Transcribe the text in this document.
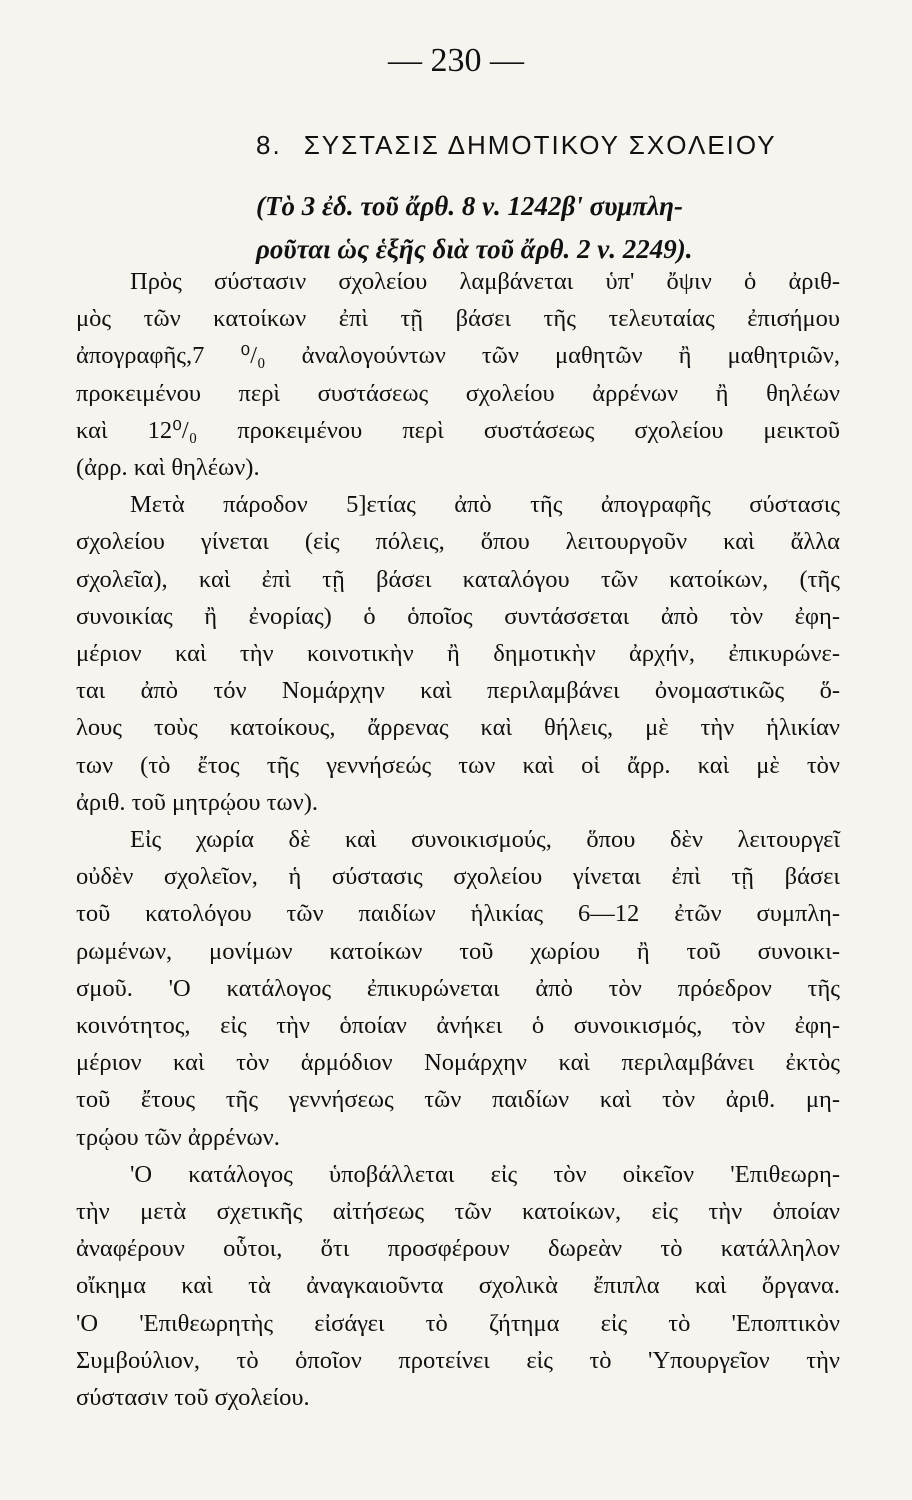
— 230 —
8. ΣΥΣΤΑΣΙΣ ΔΗΜΟΤΙΚΟΥ ΣΧΟΛΕΙΟΥ
(Τὸ 3 ἐδ. τοῦ ἄρθ. 8 ν. 1242β' συμπλη-
ροῦται ὡς ἑξῆς διὰ τοῦ ἄρθ. 2 ν. 2249).
Πρὸς σύστασιν σχολείου λαμβάνεται ὑπ' ὄψιν ὁ ἀριθ-
μὸς τῶν κατοίκων ἐπὶ τῇ βάσει τῆς τελευταίας ἐπισήμου
ἀπογραφῆς,7 ⁰/₀ ἀναλογούντων τῶν μαθητῶν ἢ μαθητριῶν,
προκειμένου περὶ συστάσεως σχολείου ἀρρένων ἢ θηλέων
καὶ 12⁰/₀ προκειμένου περὶ συστάσεως σχολείου μεικτοῦ
(ἀρρ. καὶ θηλέων).
Μετὰ πάροδον 5]ετίας ἀπὸ τῆς ἀπογραφῆς σύστασις
σχολείου γίνεται (εἰς πόλεις, ὅπου λειτουργοῦν καὶ ἄλλα
σχολεῖα), καὶ ἐπὶ τῇ βάσει καταλόγου τῶν κατοίκων, (τῆς
συνοικίας ἢ ἐνορίας) ὁ ὁποῖος συντάσσεται ἀπὸ τὸν ἐφη-
μέριον καὶ τὴν κοινοτικὴν ἢ δημοτικὴν ἀρχήν, ἐπικυρώνε-
ται ἀπὸ τόν Νομάρχην καὶ περιλαμβάνει ὀνομαστικῶς ὅ-
λους τοὺς κατοίκους, ἄρρενας καὶ θήλεις, μὲ τὴν ἡλικίαν
των (τὸ ἔτος τῆς γεννήσεώς των καὶ οἱ ἄρρ. καὶ μὲ τὸν
ἀριθ. τοῦ μητρῴου των).
Εἰς χωρία δὲ καὶ συνοικισμούς, ὅπου δὲν λειτουργεῖ
οὐδὲν σχολεῖον, ἡ σύστασις σχολείου γίνεται ἐπὶ τῇ βάσει
τοῦ κατολόγου τῶν παιδίων ἡλικίας 6—12 ἐτῶν συμπλη-
ρωμένων, μονίμων κατοίκων τοῦ χωρίου ἢ τοῦ συνοικι-
σμοῦ. 'Ο κατάλογος ἐπικυρώνεται ἀπὸ τὸν πρόεδρον τῆς
κοινότητος, εἰς τὴν ὁποίαν ἀνήκει ὁ συνοικισμός, τὸν ἐφη-
μέριον καὶ τὸν ἁρμόδιον Νομάρχην καὶ περιλαμβάνει ἐκτὸς
τοῦ ἔτους τῆς γεννήσεως τῶν παιδίων καὶ τὸν ἀριθ. μη-
τρῴου τῶν ἀρρένων.
'Ο κατάλογος ὑποβάλλεται εἰς τὸν οἰκεῖον 'Επιθεωρη-
τὴν μετὰ σχετικῆς αἰτήσεως τῶν κατοίκων, εἰς τὴν ὁποίαν
ἀναφέρουν οὗτοι, ὅτι προσφέρουν δωρεὰν τὸ κατάλληλον
οἴκημα καὶ τὰ ἀναγκαιοῦντα σχολικὰ ἔπιπλα καὶ ὄργανα.
'Ο 'Επιθεωρητὴς εἰσάγει τὸ ζήτημα εἰς τὸ 'Εποπτικὸν
Συμβούλιον, τὸ ὁποῖον προτείνει εἰς τὸ 'Υπουργεῖον τὴν
σύστασιν τοῦ σχολείου.
